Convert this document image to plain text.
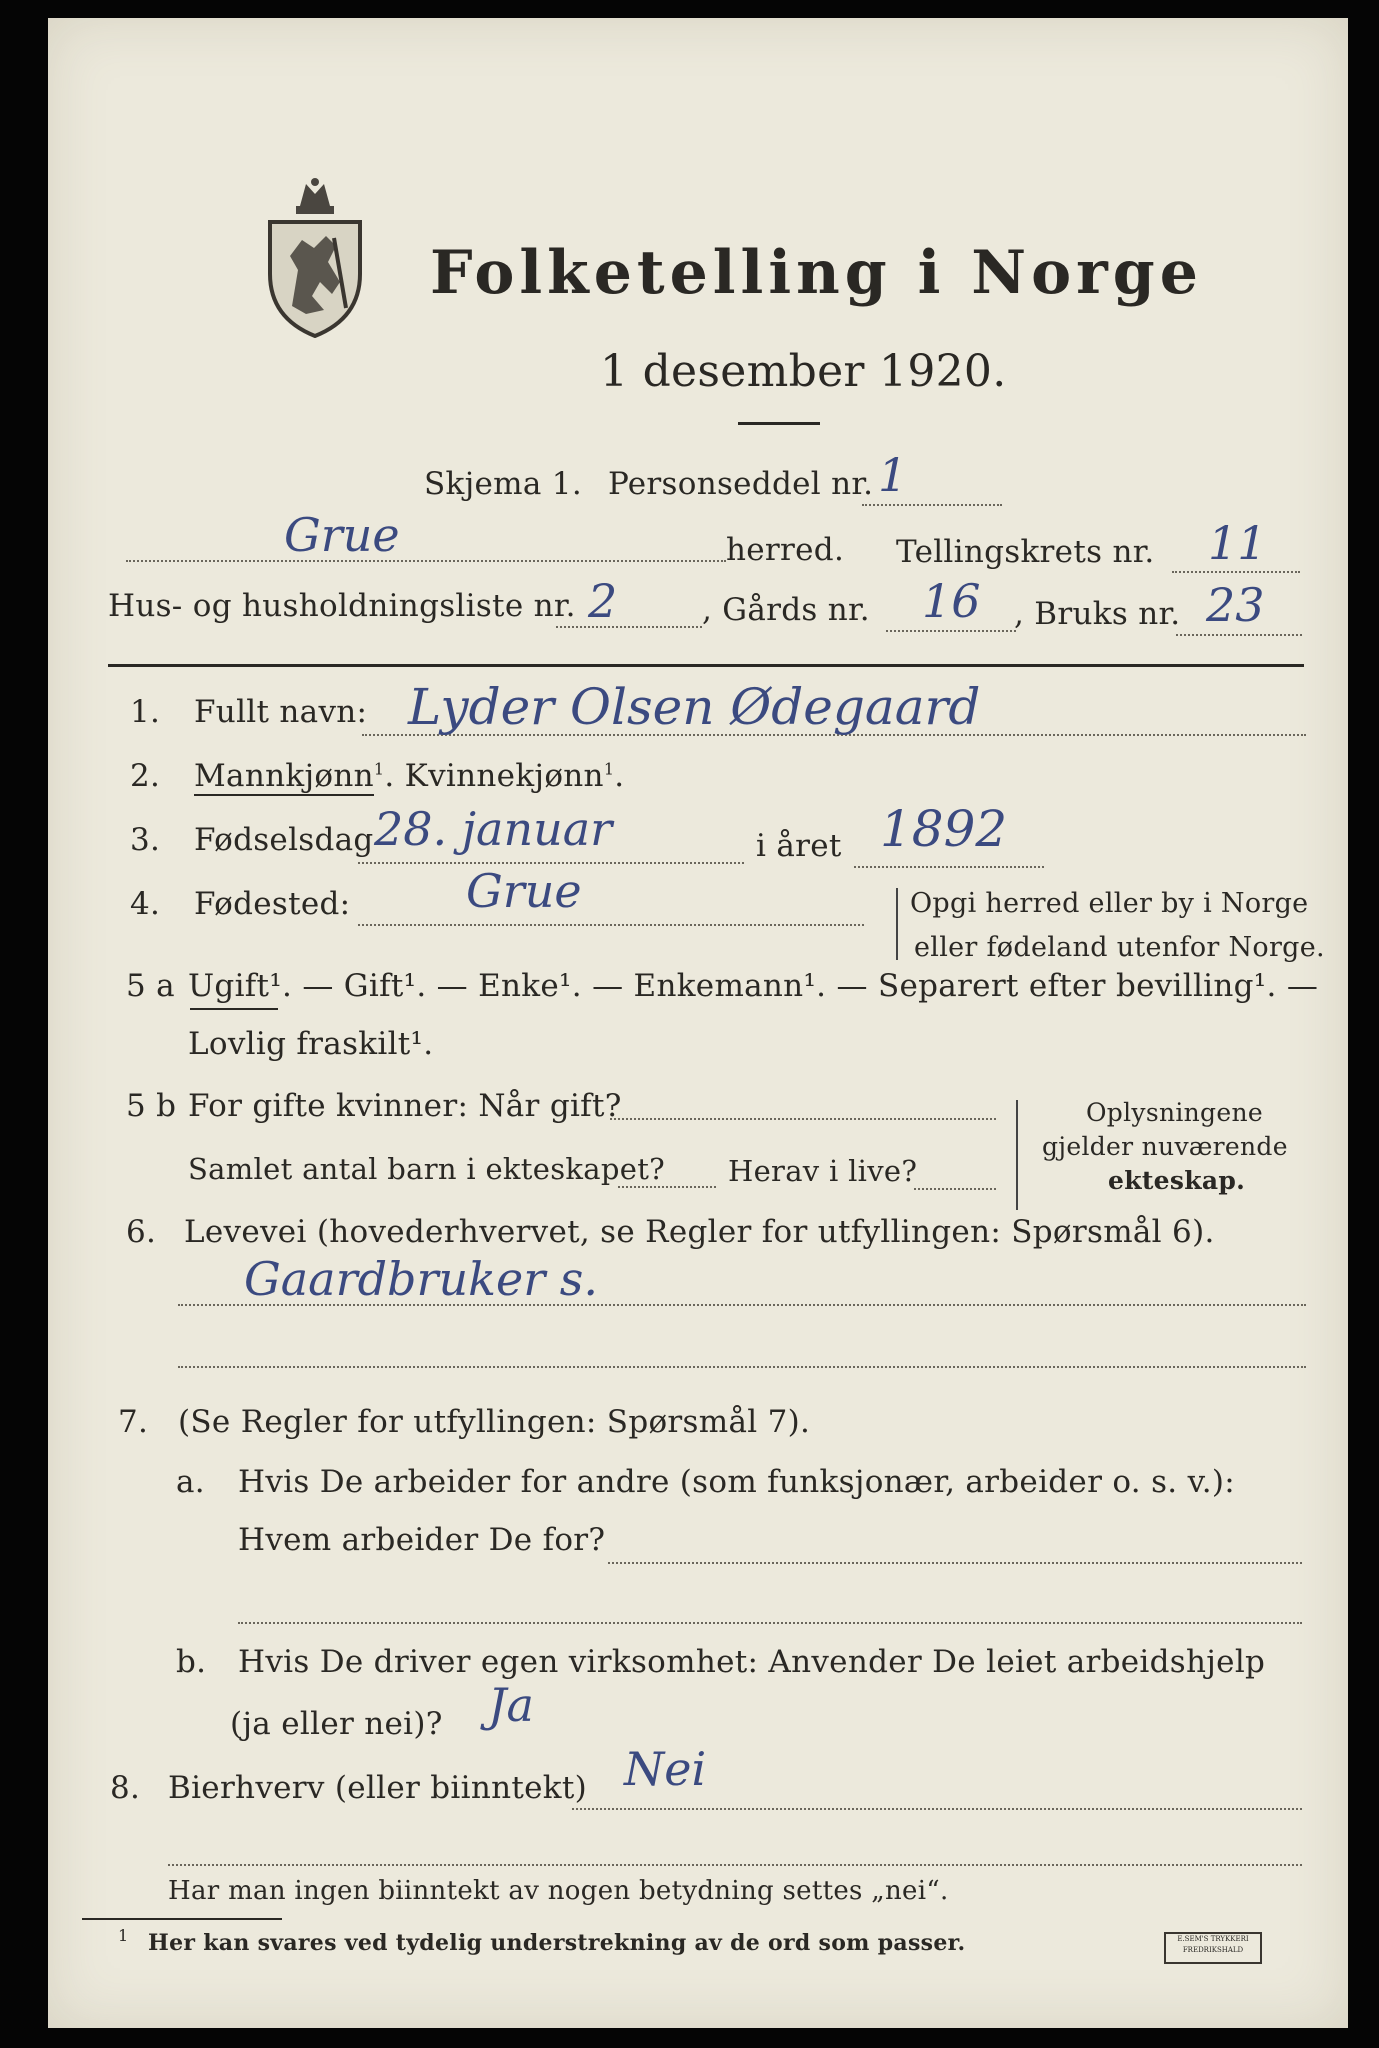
Folketelling i Norge
1 desember 1920.
Skjema 1. Personseddel nr. 1
Grue	herred. Tellingskrets nr. 11
Hus- og husholdningsliste nr. 2	, Gårds nr. 16 , Bruks nr. 23
1. Fullt navn: Lyder Olsen Ødegaard
2. Mannkjønn$^1$. Kvinnekjønn$^1$.
3. Fødselsdag 28. januar	i året 1892
4. Fødested:	Grue	Opgi herred eller by i Norge
eller fødeland utenfor Norge.
5 a Ugift¹. — Gift¹. — Enke¹. — Enkemann¹. — Separert efter bevilling¹. —
Lovlig fraskilt¹.
5 b For gifte kvinner: Når gift?
Samlet antal barn i ekteskapet? Herav i live?
Oplysningene
gjelder nuværende
ekteskap.
6. Levevei (hovederhvervet, se Regler for utfyllingen: Spørsmål 6).
Gaardbruker s.
7. (Se Regler for utfyllingen: Spørsmål 7).
a. Hvis De arbeider for andre (som funksjonær, arbeider o. s. v.):
Hvem arbeider De for?
b. Hvis De driver egen virksomhet: Anvender De leiet arbeidshjelp
(ja eller nei)? Ja
8. Bierhverv (eller biinntekt) Nei
Har man ingen biinntekt av nogen betydning settes „nei“.
1 Her kan svares ved tydelig understrekning av de ord som passer.	E.SEM'S TRYKKERI
FREDRIKSHALD
